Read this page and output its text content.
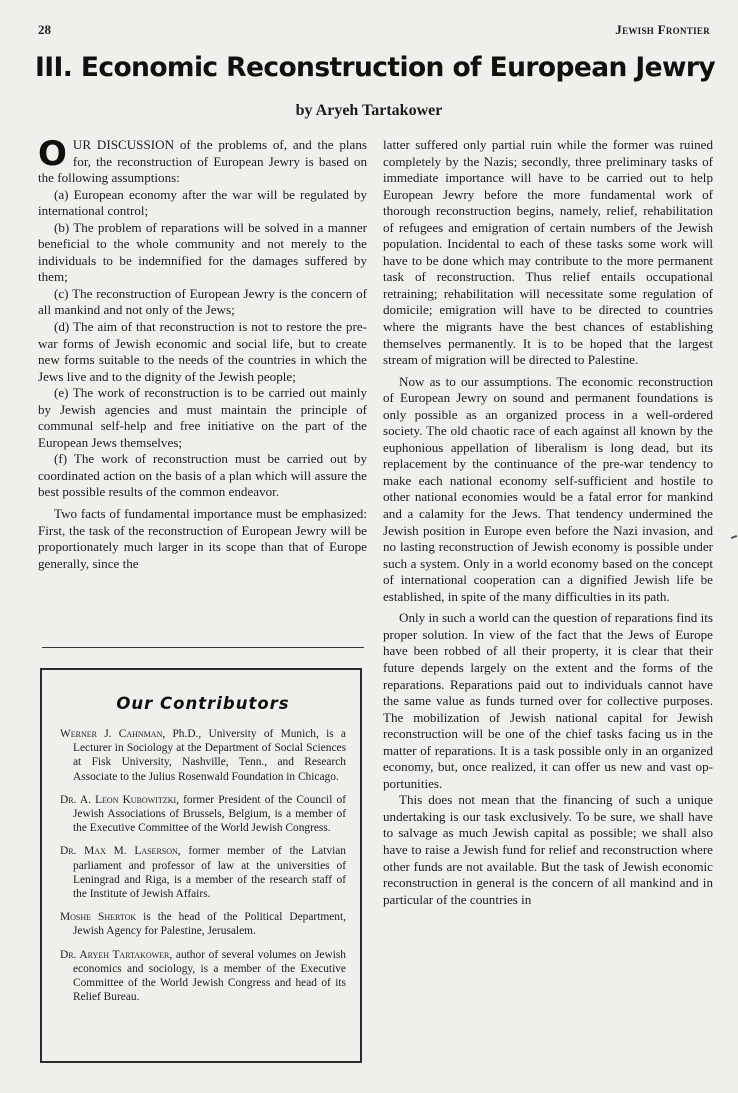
28	Jewish Frontier
III. Economic Reconstruction of European Jewry
by Aryeh Tartakower

OUR DISCUSSION of the problems of, and the plans for, the reconstruction of European Jewry is based on the following assumptions:

(a) European economy after the war will be regulated by international control;

(b) The problem of reparations will be solved in a manner beneficial to the whole community and not merely to the individuals to be indemnified for the damages suffered by them;

(c) The reconstruction of European Jewry is the concern of all mankind and not only of the Jews;

(d) The aim of that reconstruction is not to restore the pre-war forms of Jewish economic and social life, but to create new forms suitable to the needs of the countries in which the Jews live and to the dignity of the Jewish people;

(e) The work of reconstruction is to be carried out mainly by Jewish agencies and must maintain the principle of communal self-help and free initiative on the part of the European Jews themselves;

(f) The work of reconstruction must be carried out by coordinated action on the basis of a plan which will assure the best possible results of the common endeavor.

Two facts of fundamental importance must be emphasized: First, the task of the reconstruction of European Jewry will be proportionately much larger in its scope than that of Europe generally, since the

Our Contributors
Werner J. Cahnman, Ph.D., University of Munich, is a Lecturer in Sociology at the Department of Social Sciences at Fisk University, Nashville, Tenn., and Research Associate to the Julius Rosenwald Foundation in Chicago.
Dr. A. Leon Kubowitzki, former President of the Council of Jewish Associations of Brussels, Belgium, is a member of the Executive Committee of the World Jewish Congress.
Dr. Max M. Laserson, former member of the Latvian parliament and professor of law at the universities of Leningrad and Riga, is a member of the research staff of the Institute of Jewish Affairs.
Moshe Shertok is the head of the Political Department, Jewish Agency for Palestine, Jerusalem.
Dr. Aryeh Tartakower, author of several volumes on Jewish economics and sociology, is a member of the Executive Committee of the World Jewish Congress and head of its Relief Bureau.

latter suffered only partial ruin while the former was ruined completely by the Nazis; secondly, three preliminary tasks of immediate importance will have to be carried out to help European Jewry before the more fundamental work of thorough reconstruction begins, namely, relief, rehabilitation of refugees and emigration of certain numbers of the Jewish population. Incidental to each of these tasks some work will have to be done which may contribute to the more permanent task of reconstruction. Thus relief entails occupational retraining; rehabilitation will necessitate some regulation of domicile; emigration will have to be directed to countries where the migrants have the best chances of establishing themselves permanently. It is to be hoped that the largest stream of migration will be directed to Palestine.

Now as to our assumptions. The economic reconstruction of European Jewry on sound and permanent foundations is only possible as an organized process in a well-ordered society. The old chaotic race of each against all known by the euphonious appellation of liberalism is long dead, but its replacement by the continuance of the pre-war tendency to make each national economy self-sufficient and hostile to other national economies would be a fatal error for mankind and a calamity for the Jews. That tendency undermined the Jewish position in Europe even before the Nazi invasion, and no lasting reconstruction of Jewish economy is possible under such a system. Only in a world economy based on the concept of international cooperation can a dignified Jewish life be established, in spite of the many difficulties in its path.

Only in such a world can the question of reparations find its proper solution. In view of the fact that the Jews of Europe have been robbed of all their property, it is clear that their future depends largely on the extent and the forms of the reparations. Reparations paid out to individuals cannot have the same value as funds turned over for collective purposes. The mobilization of Jewish national capital for Jewish reconstruction will be one of the chief tasks facing us in the matter of reparations. It is a task possible only in an organized economy, but, once realized, it can offer us new and vast opportunities.

This does not mean that the financing of such a unique undertaking is our task exclusively. To be sure, we shall have to salvage as much Jewish capital as possible; we shall also have to raise a Jewish fund for relief and reconstruction where other funds are not available. But the task of Jewish economic reconstruction in general is the concern of all mankind and in particular of the countries in
